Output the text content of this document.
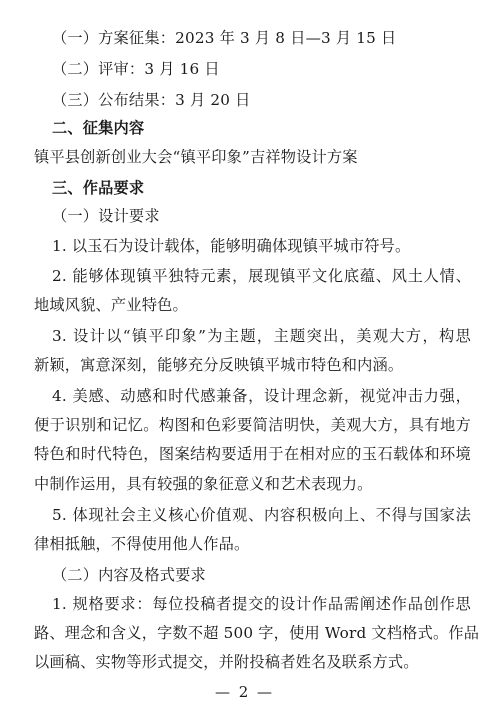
（一）方案征集：2023 年 3 月 8 日—3 月 15 日
（二）评审：3 月 16 日
（三）公布结果：3 月 20 日
二、征集内容
镇平县创新创业大会“镇平印象”吉祥物设计方案
三、作品要求
（一）设计要求
1. 以玉石为设计载体，能够明确体现镇平城市符号。
2. 能够体现镇平独特元素，展现镇平文化底蕴、风土人情、
地域风貌、产业特色。
3. 设计以“镇平印象”为主题，主题突出，美观大方，构思
新颖，寓意深刻，能够充分反映镇平城市特色和内涵。
4. 美感、动感和时代感兼备，设计理念新，视觉冲击力强，
便于识别和记忆。构图和色彩要简洁明快，美观大方，具有地方
特色和时代特色，图案结构要适用于在相对应的玉石载体和环境
中制作运用，具有较强的象征意义和艺术表现力。
5. 体现社会主义核心价值观、内容积极向上、不得与国家法
律相抵触，不得使用他人作品。
（二）内容及格式要求
1. 规格要求：每位投稿者提交的设计作品需阐述作品创作思
路、理念和含义，字数不超 500 字，使用 Word 文档格式。作品
以画稿、实物等形式提交，并附投稿者姓名及联系方式。
— 2 —
